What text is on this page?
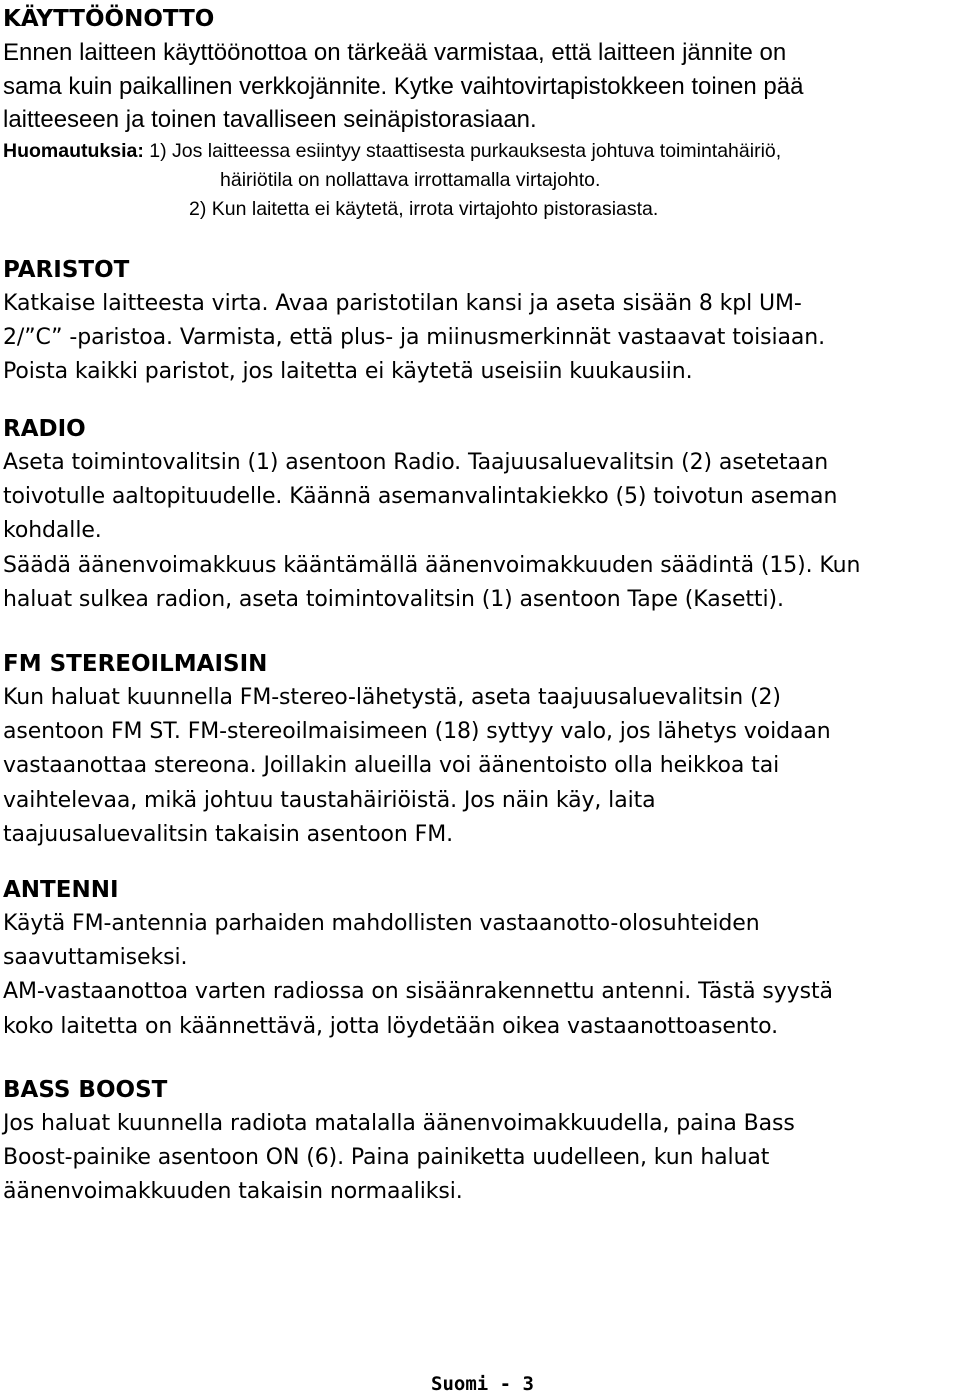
KÄYTTÖÖNOTTO

Ennen laitteen käyttöönottoa on tärkeää varmistaa, että laitteen jännite on

sama kuin paikallinen verkkojännite. Kytke vaihtovirtapistokkeen toinen pää

laitteeseen ja toinen tavalliseen seinäpistorasiaan.

Huomautuksia: 1) Jos laitteessa esiintyy staattisesta purkauksesta johtuva toimintahäiriö,
häiriötila on nollattava irrottamalla virtajohto.
2) Kun laitetta ei käytetä, irrota virtajohto pistorasiasta.
PARISTOT

Katkaise laitteesta virta. Avaa paristotilan kansi ja aseta sisään 8 kpl UM-

2/”C” -paristoa. Varmista, että plus- ja miinusmerkinnät vastaavat toisiaan.

Poista kaikki paristot, jos laitetta ei käytetä useisiin kuukausiin.

RADIO

Aseta toimintovalitsin (1) asentoon Radio. Taajuusaluevalitsin (2) asetetaan

toivotulle aaltopituudelle. Käännä asemanvalintakiekko (5) toivotun aseman

kohdalle.

Säädä äänenvoimakkuus kääntämällä äänenvoimakkuuden säädintä (15). Kun

haluat sulkea radion, aseta toimintovalitsin (1) asentoon Tape (Kasetti).

FM STEREOILMAISIN

Kun haluat kuunnella FM-stereo-lähetystä, aseta taajuusaluevalitsin (2)

asentoon FM ST. FM-stereoilmaisimeen (18) syttyy valo, jos lähetys voidaan

vastaanottaa stereona. Joillakin alueilla voi äänentoisto olla heikkoa tai

vaihtelevaa, mikä johtuu taustahäiriöistä. Jos näin käy, laita

taajuusaluevalitsin takaisin asentoon FM.

ANTENNI

Käytä FM-antennia parhaiden mahdollisten vastaanotto-olosuhteiden

saavuttamiseksi.

AM-vastaanottoa varten radiossa on sisäänrakennettu antenni. Tästä syystä

koko laitetta on käännettävä, jotta löydetään oikea vastaanottoasento.

BASS BOOST

Jos haluat kuunnella radiota matalalla äänenvoimakkuudella, paina Bass

Boost-painike asentoon ON (6). Paina painiketta uudelleen, kun haluat

äänenvoimakkuuden takaisin normaaliksi.

Suomi - 3
